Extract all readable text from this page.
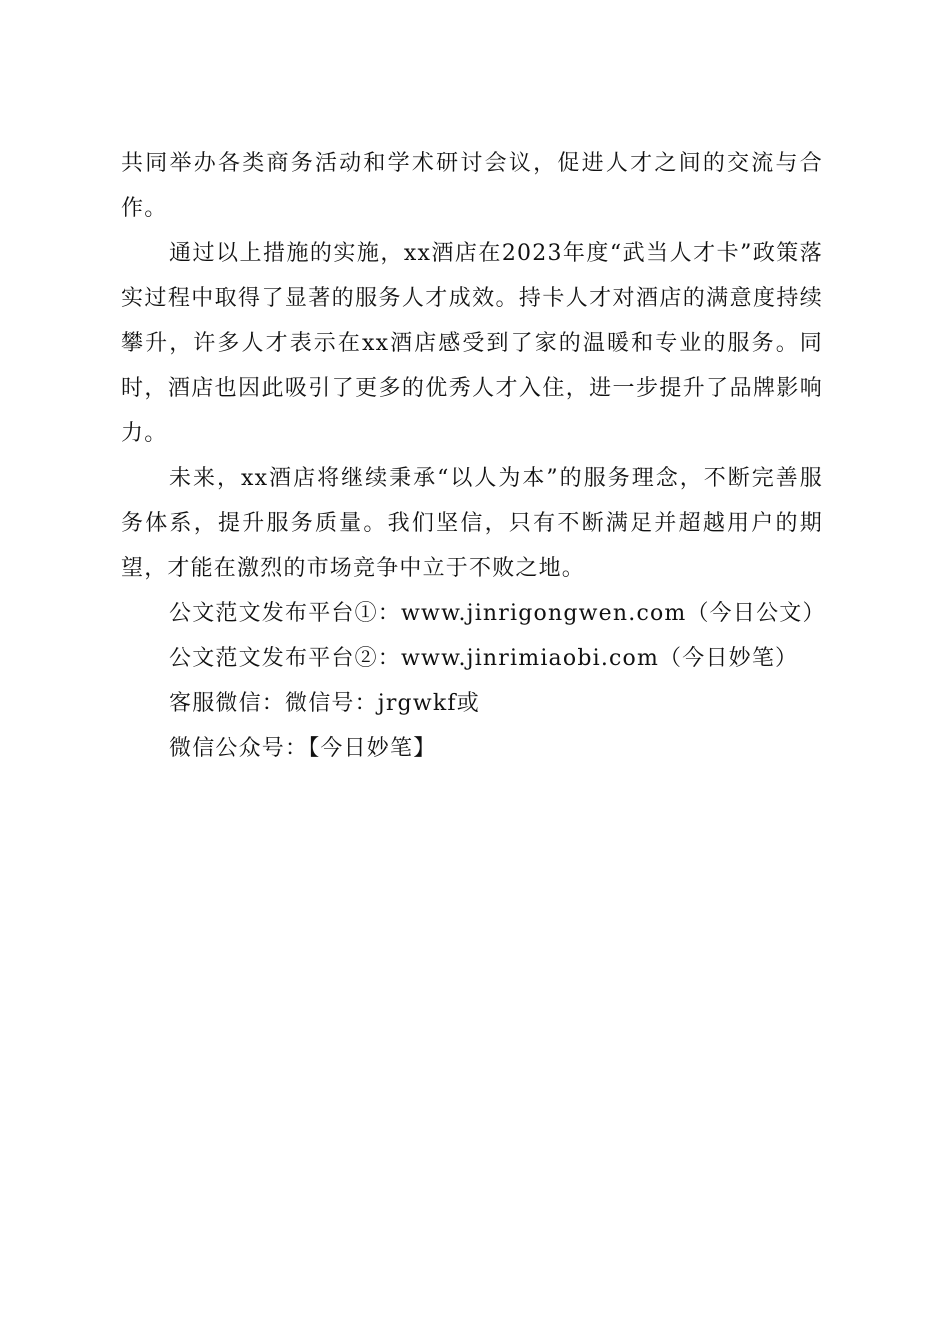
共同举办各类商务活动和学术研讨会议，促进人才之间的交流与合作。

通过以上措施的实施，xx酒店在2023年度“武当人才卡”政策落实过程中取得了显著的服务人才成效。持卡人才对酒店的满意度持续攀升，许多人才表示在xx酒店感受到了家的温暖和专业的服务。同时，酒店也因此吸引了更多的优秀人才入住，进一步提升了品牌影响力。

未来，xx酒店将继续秉承“以人为本”的服务理念，不断完善服务体系，提升服务质量。我们坚信，只有不断满足并超越用户的期望，才能在激烈的市场竞争中立于不败之地。

公文范文发布平台①：www.jinrigongwen.com（今日公文）

公文范文发布平台②：www.jinrimiaobi.com（今日妙笔）

客服微信：微信号：jrgwkf或

微信公众号：【今日妙笔】
